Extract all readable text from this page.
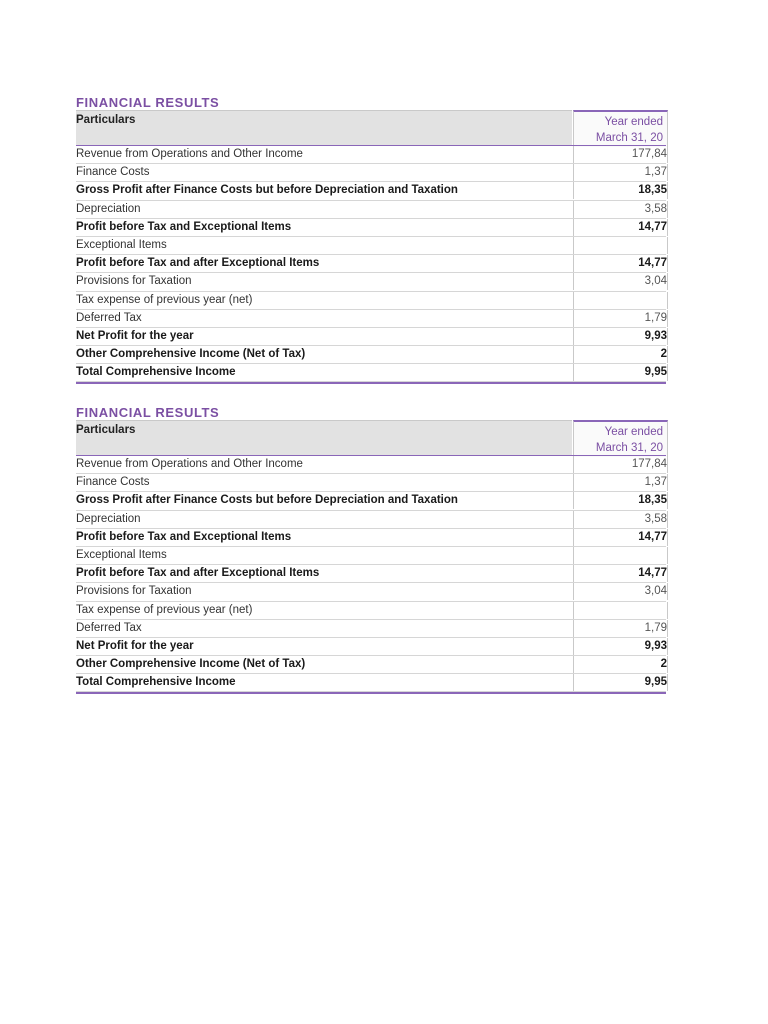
FINANCIAL RESULTS
Particulars	Year ended
March 31, 20
Revenue from Operations and Other Income	177,84
Finance Costs	1,37
Gross Profit after Finance Costs but before Depreciation and Taxation	18,35
Depreciation	3,58
Profit before Tax and Exceptional Items	14,77
Exceptional Items
Profit before Tax and after Exceptional Items	14,77
Provisions for Taxation	3,04
Tax expense of previous year (net)
Deferred Tax	1,79
Net Profit for the year	9,93
Other Comprehensive Income (Net of Tax)	2
Total Comprehensive Income	9,95
FINANCIAL RESULTS
Particulars	Year ended
March 31, 20
Revenue from Operations and Other Income	177,84
Finance Costs	1,37
Gross Profit after Finance Costs but before Depreciation and Taxation	18,35
Depreciation	3,58
Profit before Tax and Exceptional Items	14,77
Exceptional Items
Profit before Tax and after Exceptional Items	14,77
Provisions for Taxation	3,04
Tax expense of previous year (net)
Deferred Tax	1,79
Net Profit for the year	9,93
Other Comprehensive Income (Net of Tax)	2
Total Comprehensive Income	9,95
